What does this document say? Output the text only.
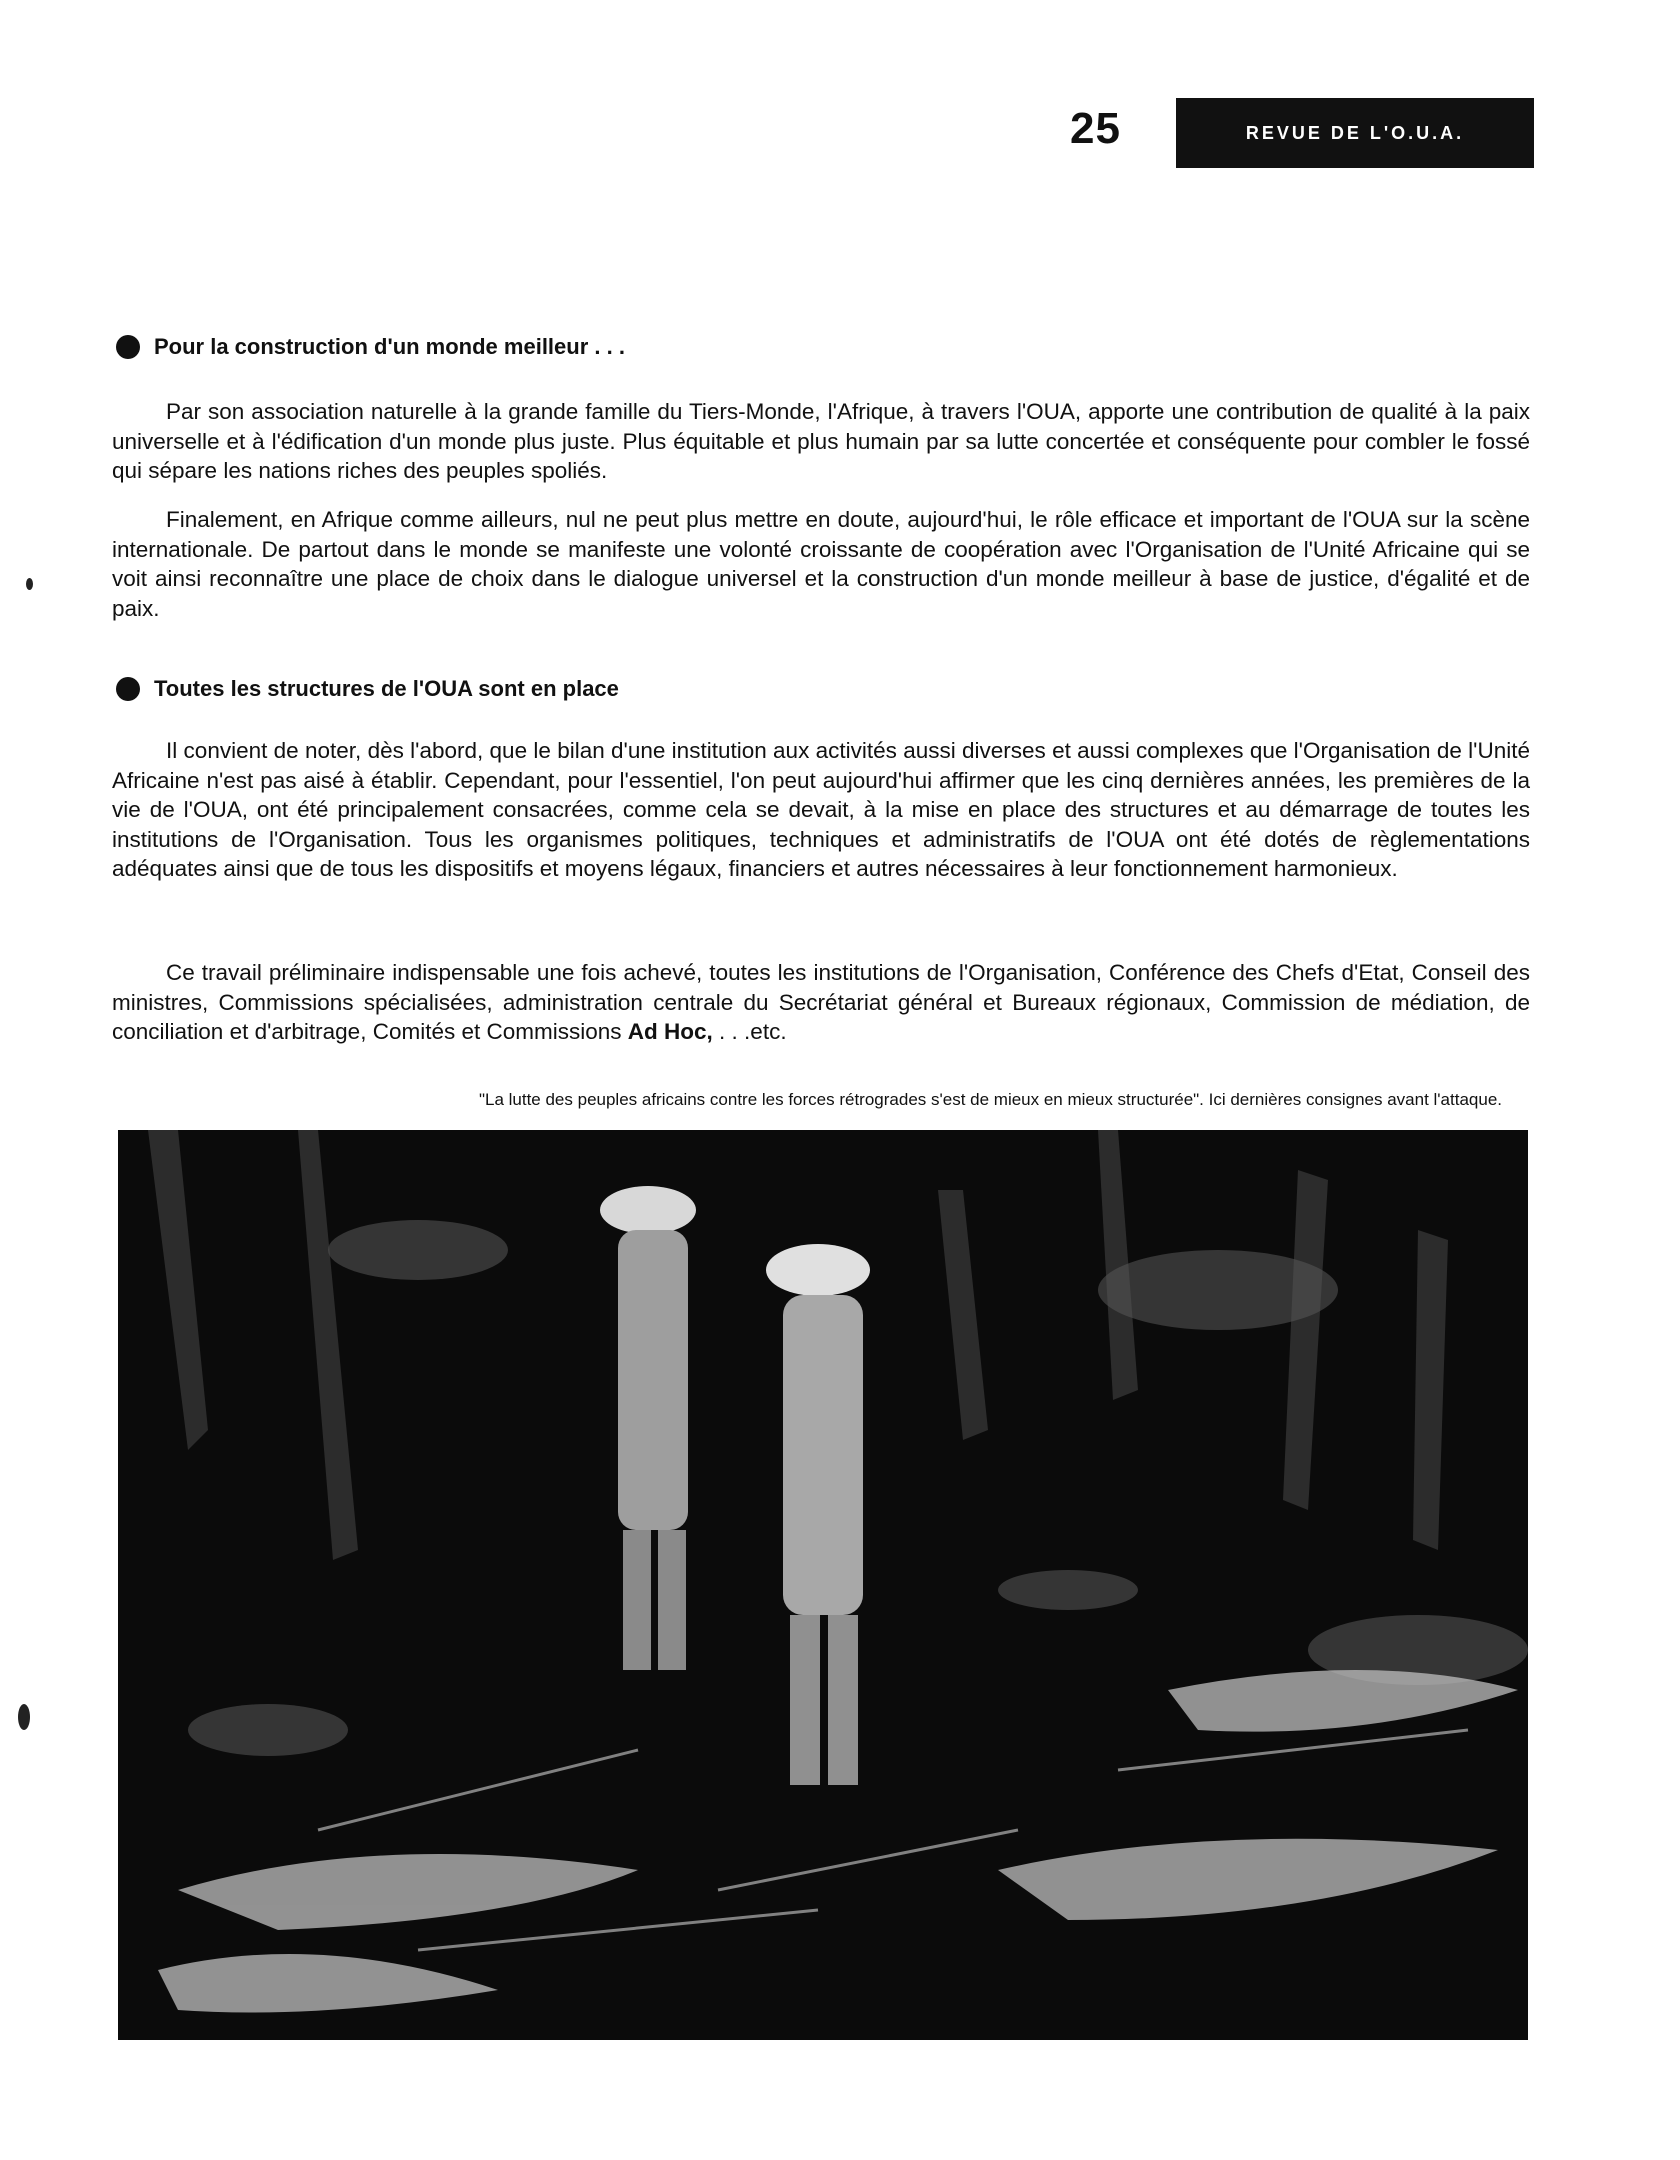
25	REVUE DE L'O.U.A.
Pour la construction d'un monde meilleur . . .

Par son association naturelle à la grande famille du Tiers-Monde, l'Afrique, à travers l'OUA, apporte une contribution de qualité à la paix universelle et à l'édification d'un monde plus juste. Plus équitable et plus humain par sa lutte concertée et conséquente pour combler le fossé qui sépare les nations riches des peuples spoliés.

Finalement, en Afrique comme ailleurs, nul ne peut plus mettre en doute, aujourd'hui, le rôle efficace et important de l'OUA sur la scène internationale. De partout dans le monde se manifeste une volonté croissante de coopération avec l'Organisation de l'Unité Africaine qui se voit ainsi reconnaître une place de choix dans le dialogue universel et la construction d'un monde meilleur à base de justice, d'égalité et de paix.

Toutes les structures de l'OUA sont en place

Il convient de noter, dès l'abord, que le bilan d'une institution aux activités aussi diverses et aussi complexes que l'Organisation de l'Unité Africaine n'est pas aisé à établir. Cependant, pour l'essentiel, l'on peut aujourd'hui affirmer que les cinq dernières années, les premières de la vie de l'OUA, ont été principalement consacrées, comme cela se devait, à la mise en place des structures et au démarrage de toutes les institutions de l'Organisation. Tous les organismes politiques, techniques et administratifs de l'OUA ont été dotés de règlementations adéquates ainsi que de tous les dispositifs et moyens légaux, financiers et autres nécessaires à leur fonctionnement harmonieux.

Ce travail préliminaire indispensable une fois achevé, toutes les institutions de l'Organisation, Conférence des Chefs d'Etat, Conseil des ministres, Commissions spécialisées, administration centrale du Secrétariat général et Bureaux régionaux, Commission de médiation, de conciliation et d'arbitrage, Comités et Commissions Ad Hoc, . . .etc.

"La lutte des peuples africains contre les forces rétrogrades s'est de mieux en mieux structurée". Ici dernières consignes avant l'attaque.
